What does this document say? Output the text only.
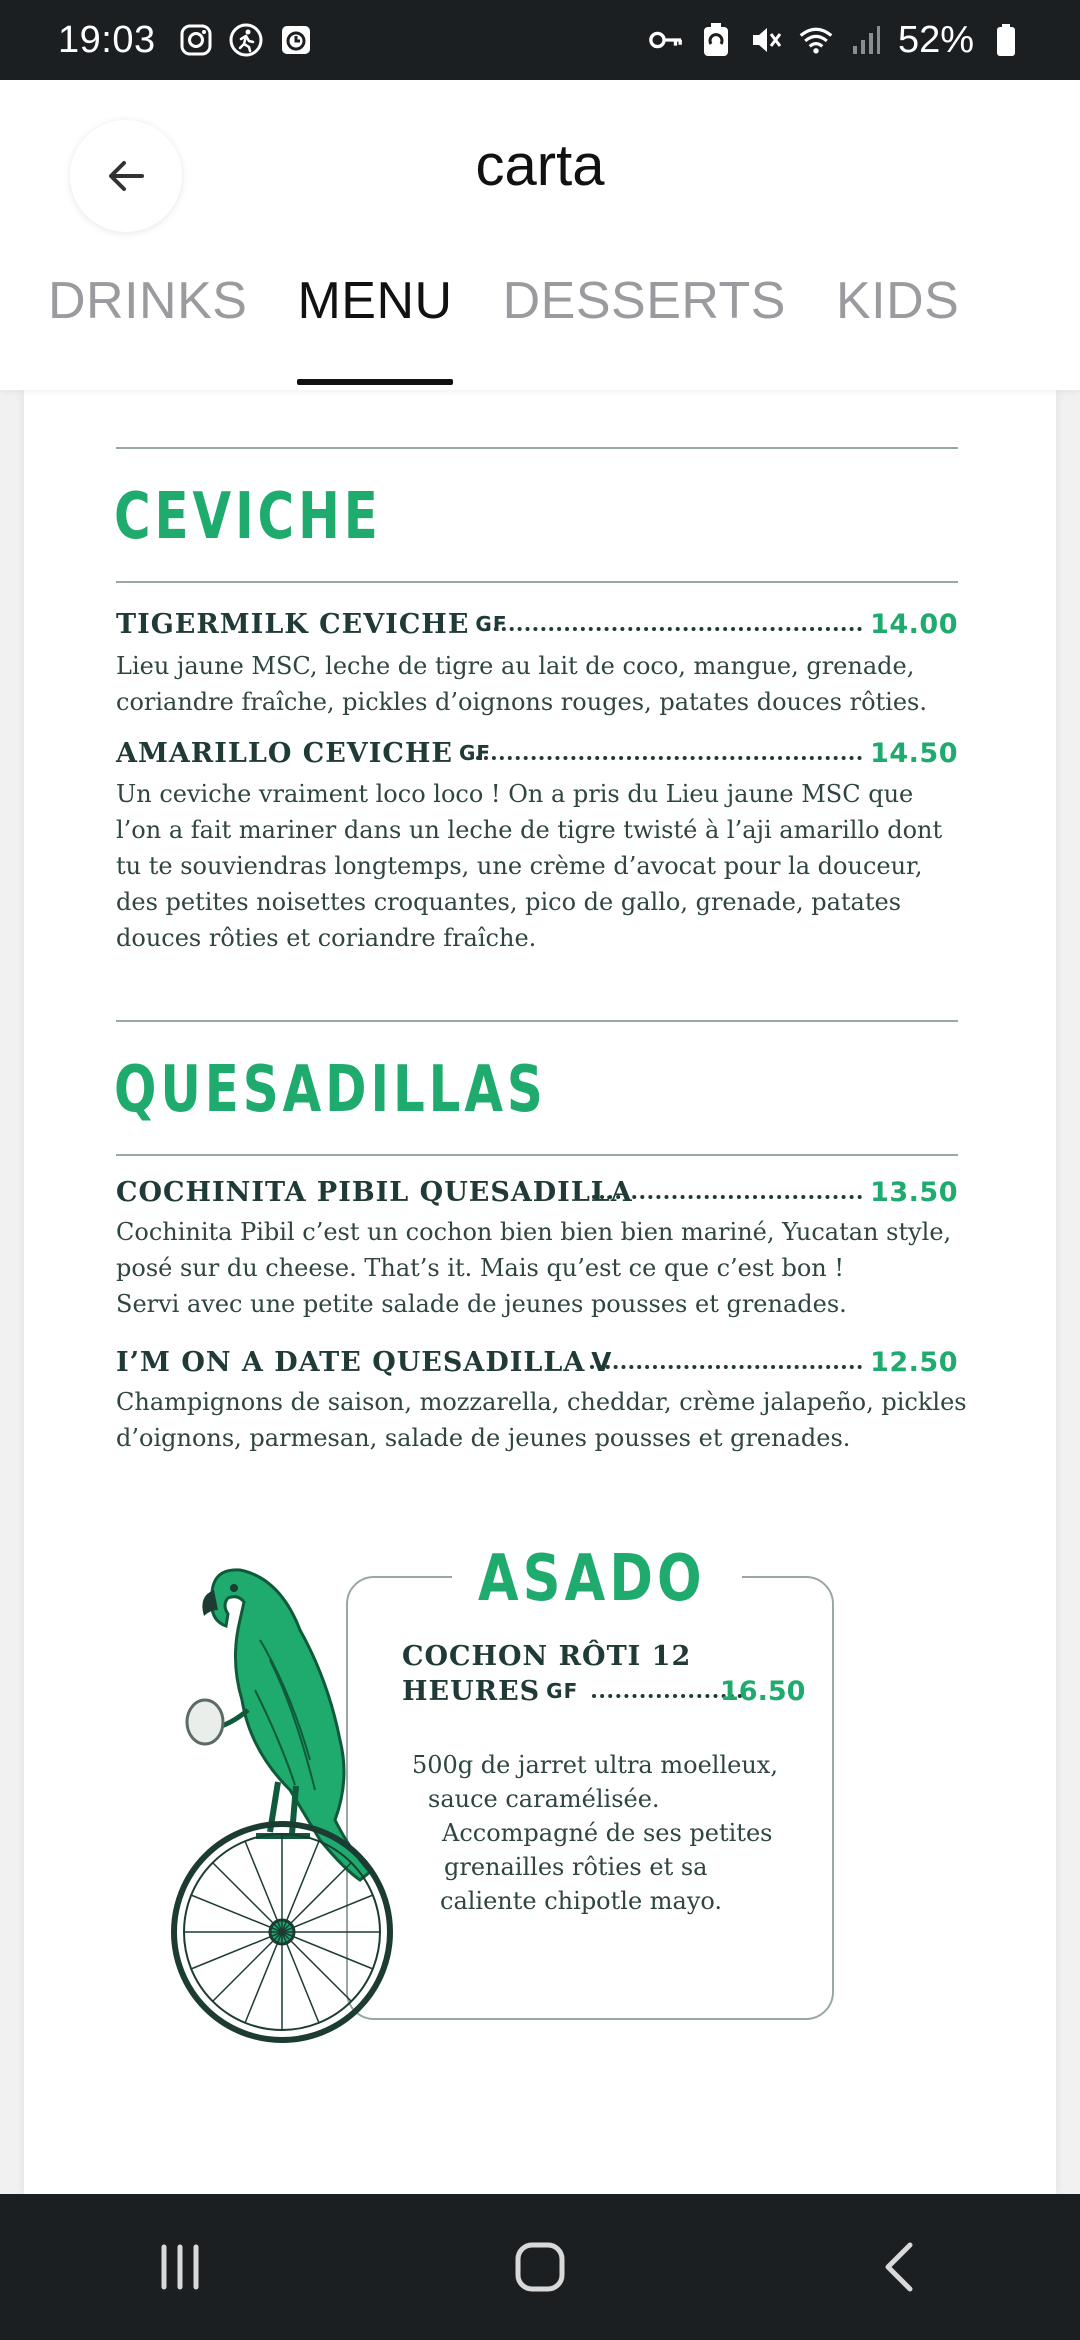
19:03	52%
carta
DRINKS MENU DESSERTS KIDS
CEVICHE
TIGERMILK CEVICHE GF	14.00
Lieu jaune MSC, leche de tigre au lait de coco, mangue, grenade,
coriandre fraîche, pickles d’oignons rouges, patates douces rôties.
AMARILLO CEVICHE GF	14.50
Un ceviche vraiment loco loco ! On a pris du Lieu jaune MSC que
l’on a fait mariner dans un leche de tigre twisté à l’aji amarillo dont
tu te souviendras longtemps, une crème d’avocat pour la douceur,
des petites noisettes croquantes, pico de gallo, grenade, patates
douces rôties et coriandre fraîche.
QUESADILLAS
COCHINITA PIBIL QUESADILLA	13.50
Cochinita Pibil c’est un cochon bien bien bien mariné, Yucatan style,
posé sur du cheese. That’s it. Mais qu’est ce que c’est bon !
Servi avec une petite salade de jeunes pousses et grenades.
I’M ON A DATE QUESADILLA V	12.50
Champignons de saison, mozzarella, cheddar, crème jalapeño, pickles
d’oignons, parmesan, salade de jeunes pousses et grenades.
ASADO
COCHON RÔTI 12
HEURES GF	16.50
500g de jarret ultra moelleux,
sauce caramélisée.
Accompagné de ses petites
grenailles rôties et sa
caliente chipotle mayo.
